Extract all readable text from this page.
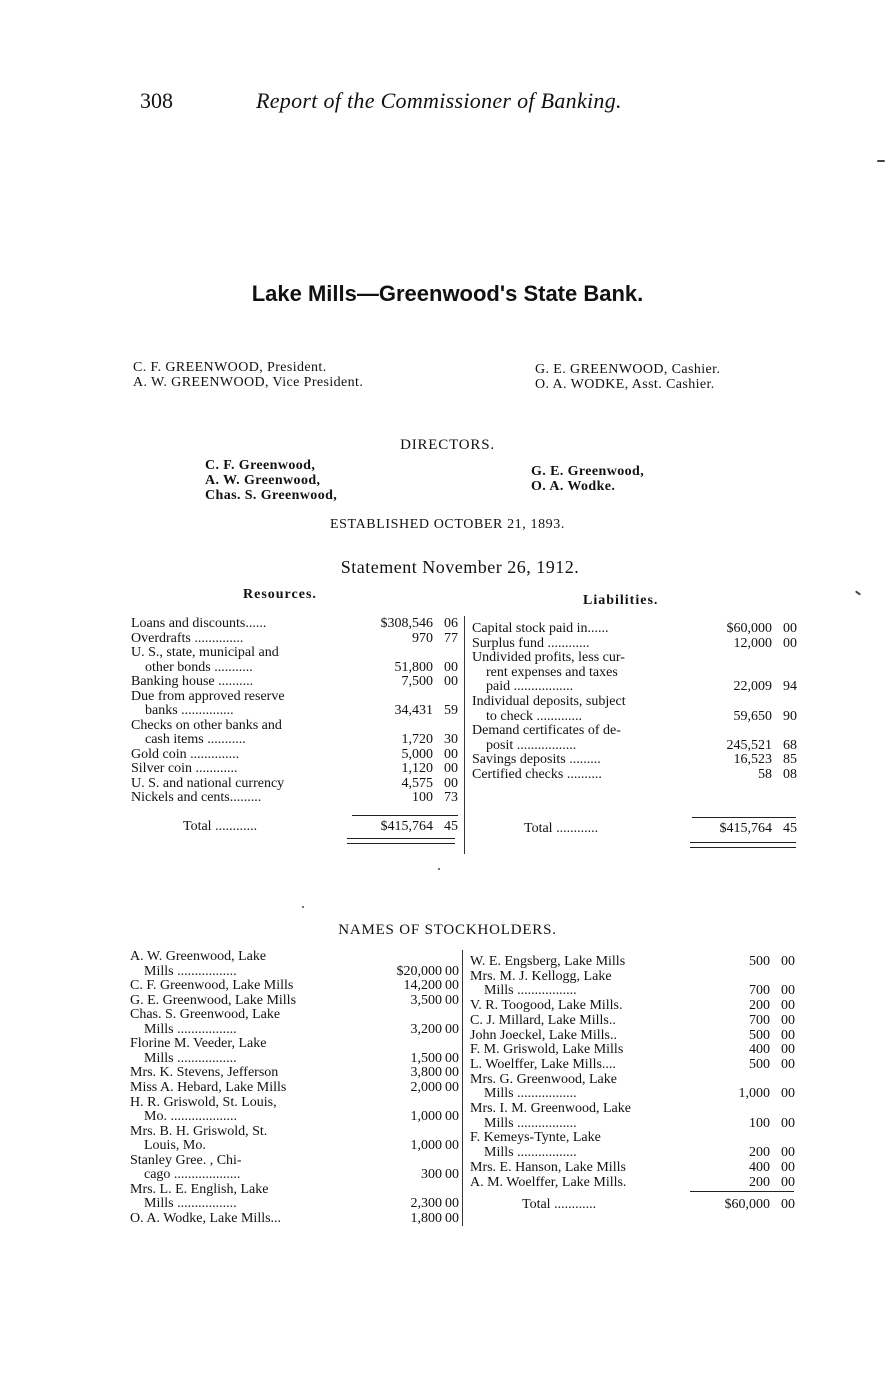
308	Report of the Commissioner of Banking.
Lake Mills—Greenwood's State Bank.
C. F. GREENWOOD, President.
A. W. GREENWOOD, Vice President.
G. E. GREENWOOD, Cashier.
O. A. WODKE, Asst. Cashier.
DIRECTORS.
C. F. Greenwood,
A. W. Greenwood,
Chas. S. Greenwood,
G. E. Greenwood,
O. A. Wodke.
ESTABLISHED OCTOBER 21, 1893.
Statement November 26, 1912.
Resources.	Liabilities.
Loans and discounts......	$308,546 06
Overdrafts ..............	970 77
U. S., state, municipal and
 other bonds ...........	51,800 00
Banking house ..........	7,500 00
Due from approved reserve
 banks ...............	34,431 59
Checks on other banks and
 cash items ...........	1,720 30
Gold coin ..............	5,000 00
Silver coin ............	1,120 00
U. S. and national currency	4,575 00
Nickels and cents.........	100 73
Total ............	$415,764 45
Capital stock paid in......	$60,000 00
Surplus fund ............	12,000 00
Undivided profits, less cur-
 rent expenses and taxes
 paid .................	22,009 94
Individual deposits, subject
 to check .............	59,650 90
Demand certificates of de-
 posit .................	245,521 68
Savings deposits .........	16,523 85
Certified checks ..........	58 08
Total ............	$415,764 45
NAMES OF STOCKHOLDERS.
A. W. Greenwood, Lake
 Mills .................	$20,000 00
C. F. Greenwood, Lake Mills	14,200 00
G. E. Greenwood, Lake Mills	3,500 00
Chas. S. Greenwood, Lake
 Mills .................	3,200 00
Florine M. Veeder, Lake
 Mills .................	1,500 00
Mrs. K. Stevens, Jefferson	3,800 00
Miss A. Hebard, Lake Mills	2,000 00
H. R. Griswold, St. Louis,
 Mo. ...................	1,000 00
Mrs. B. H. Griswold, St.
 Louis, Mo.	1,000 00
Stanley Gree. , Chi-
 cago ...................	300 00
Mrs. L. E. English, Lake
 Mills .................	2,300 00
O. A. Wodke, Lake Mills...	1,800 00
W. E. Engsberg, Lake Mills	500 00
Mrs. M. J. Kellogg, Lake
 Mills .................	700 00
V. R. Toogood, Lake Mills.	200 00
C. J. Millard, Lake Mills..	700 00
John Joeckel, Lake Mills..	500 00
F. M. Griswold, Lake Mills	400 00
L. Woelffer, Lake Mills....	500 00
Mrs. G. Greenwood, Lake
 Mills .................	1,000 00
Mrs. I. M. Greenwood, Lake
 Mills .................	100 00
F. Kemeys-Tynte, Lake
 Mills .................	200 00
Mrs. E. Hanson, Lake Mills	400 00
A. M. Woelffer, Lake Mills.	200 00
Total ............	$60,000 00
